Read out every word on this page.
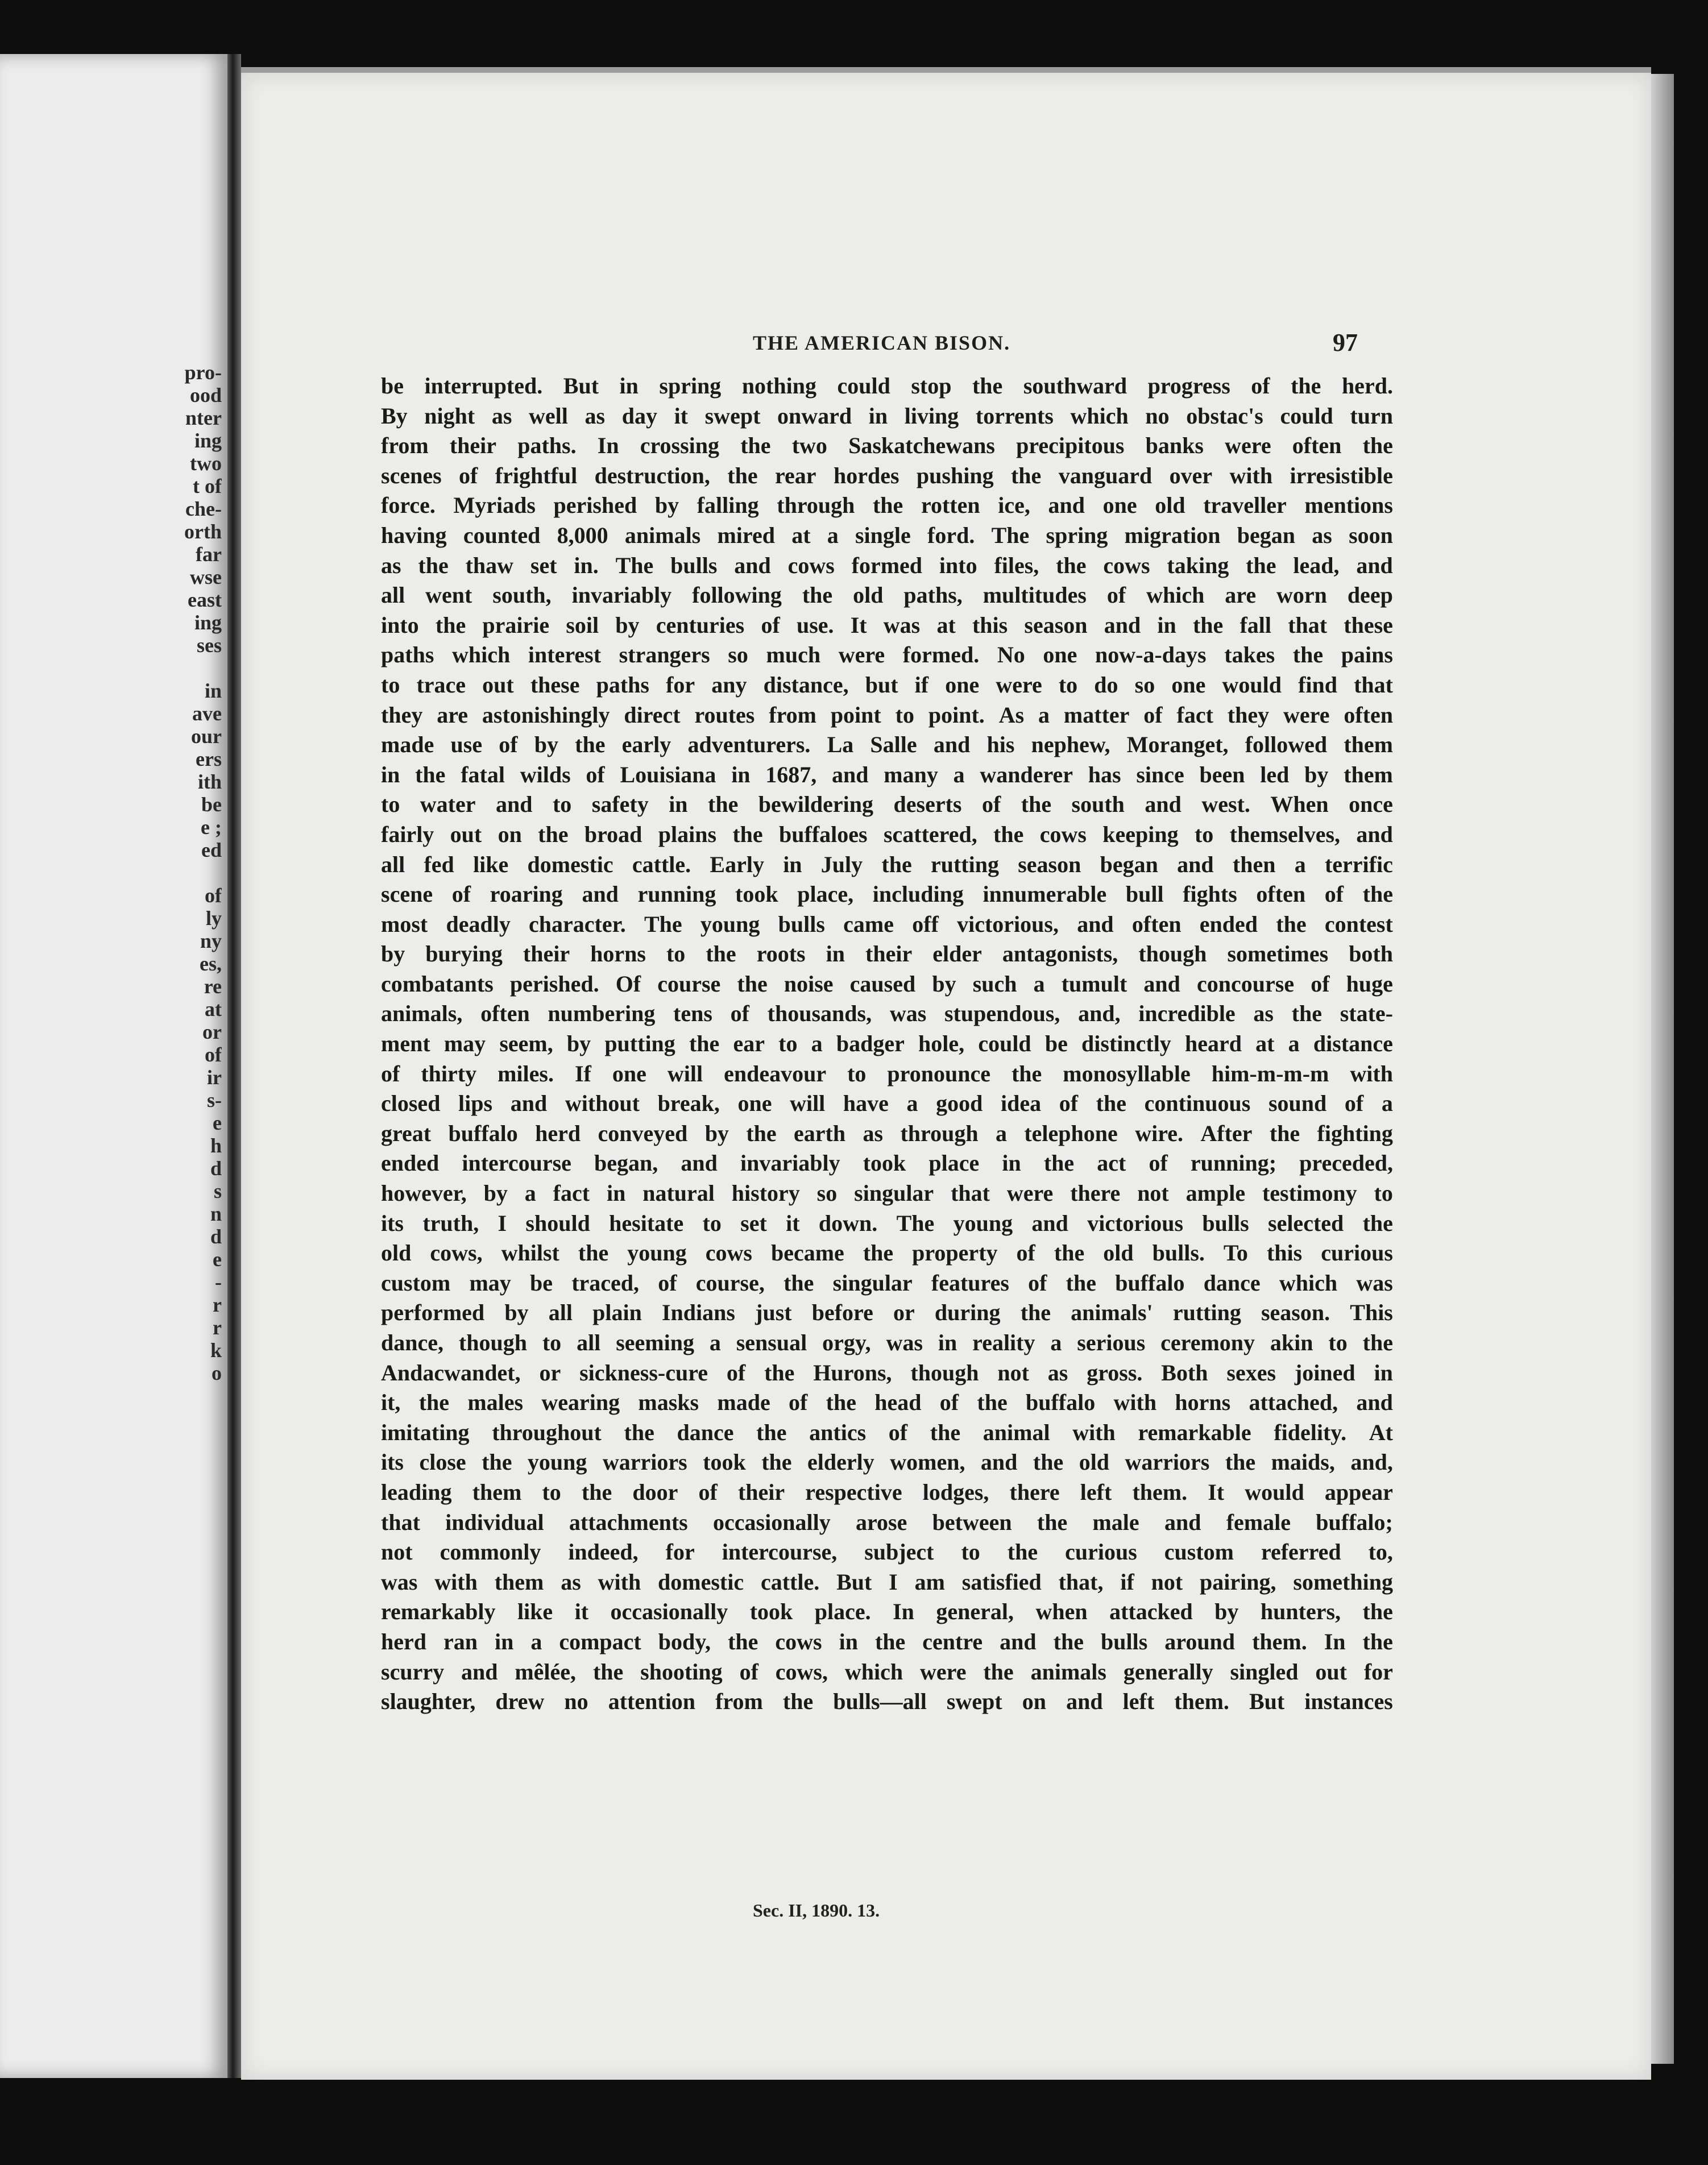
pro-
ood
nter
ing
two
t of
che-
orth
far
wse
east
ing
ses
in
ave
our
ers
ith
be
e ;
ed
of
ly
ny
es,
re
at
or
of
ir
s-
e
h
d
s
n
d
e
-
r
r
k
o
THE AMERICAN BISON.	97
be interrupted. But in spring nothing could stop the southward progress of the herd.
By night as well as day it swept onward in living torrents which no obstac's could turn
from their paths. In crossing the two Saskatchewans precipitous banks were often the
scenes of frightful destruction, the rear hordes pushing the vanguard over with irresistible
force. Myriads perished by falling through the rotten ice, and one old traveller mentions
having counted 8,000 animals mired at a single ford. The spring migration began as soon
as the thaw set in. The bulls and cows formed into files, the cows taking the lead, and
all went south, invariably following the old paths, multitudes of which are worn deep
into the prairie soil by centuries of use. It was at this season and in the fall that these
paths which interest strangers so much were formed. No one now-a-days takes the pains
to trace out these paths for any distance, but if one were to do so one would find that
they are astonishingly direct routes from point to point. As a matter of fact they were often
made use of by the early adventurers. La Salle and his nephew, Moranget, followed them
in the fatal wilds of Louisiana in 1687, and many a wanderer has since been led by them
to water and to safety in the bewildering deserts of the south and west. When once
fairly out on the broad plains the buffaloes scattered, the cows keeping to themselves, and
all fed like domestic cattle. Early in July the rutting season began and then a terrific
scene of roaring and running took place, including innumerable bull fights often of the
most deadly character. The young bulls came off victorious, and often ended the contest
by burying their horns to the roots in their elder antagonists, though sometimes both
combatants perished. Of course the noise caused by such a tumult and concourse of huge
animals, often numbering tens of thousands, was stupendous, and, incredible as the state-
ment may seem, by putting the ear to a badger hole, could be distinctly heard at a distance
of thirty miles. If one will endeavour to pronounce the monosyllable him-m-m-m with
closed lips and without break, one will have a good idea of the continuous sound of a
great buffalo herd conveyed by the earth as through a telephone wire. After the fighting
ended intercourse began, and invariably took place in the act of running; preceded,
however, by a fact in natural history so singular that were there not ample testimony to
its truth, I should hesitate to set it down. The young and victorious bulls selected the
old cows, whilst the young cows became the property of the old bulls. To this curious
custom may be traced, of course, the singular features of the buffalo dance which was
performed by all plain Indians just before or during the animals' rutting season. This
dance, though to all seeming a sensual orgy, was in reality a serious ceremony akin to the
Andacwandet, or sickness-cure of the Hurons, though not as gross. Both sexes joined in
it, the males wearing masks made of the head of the buffalo with horns attached, and
imitating throughout the dance the antics of the animal with remarkable fidelity. At
its close the young warriors took the elderly women, and the old warriors the maids, and,
leading them to the door of their respective lodges, there left them. It would appear
that individual attachments occasionally arose between the male and female buffalo;
not commonly indeed, for intercourse, subject to the curious custom referred to,
was with them as with domestic cattle. But I am satisfied that, if not pairing, something
remarkably like it occasionally took place. In general, when attacked by hunters, the
herd ran in a compact body, the cows in the centre and the bulls around them. In the
scurry and mêlée, the shooting of cows, which were the animals generally singled out for
slaughter, drew no attention from the bulls—all swept on and left them. But instances
Sec. II, 1890. 13.
